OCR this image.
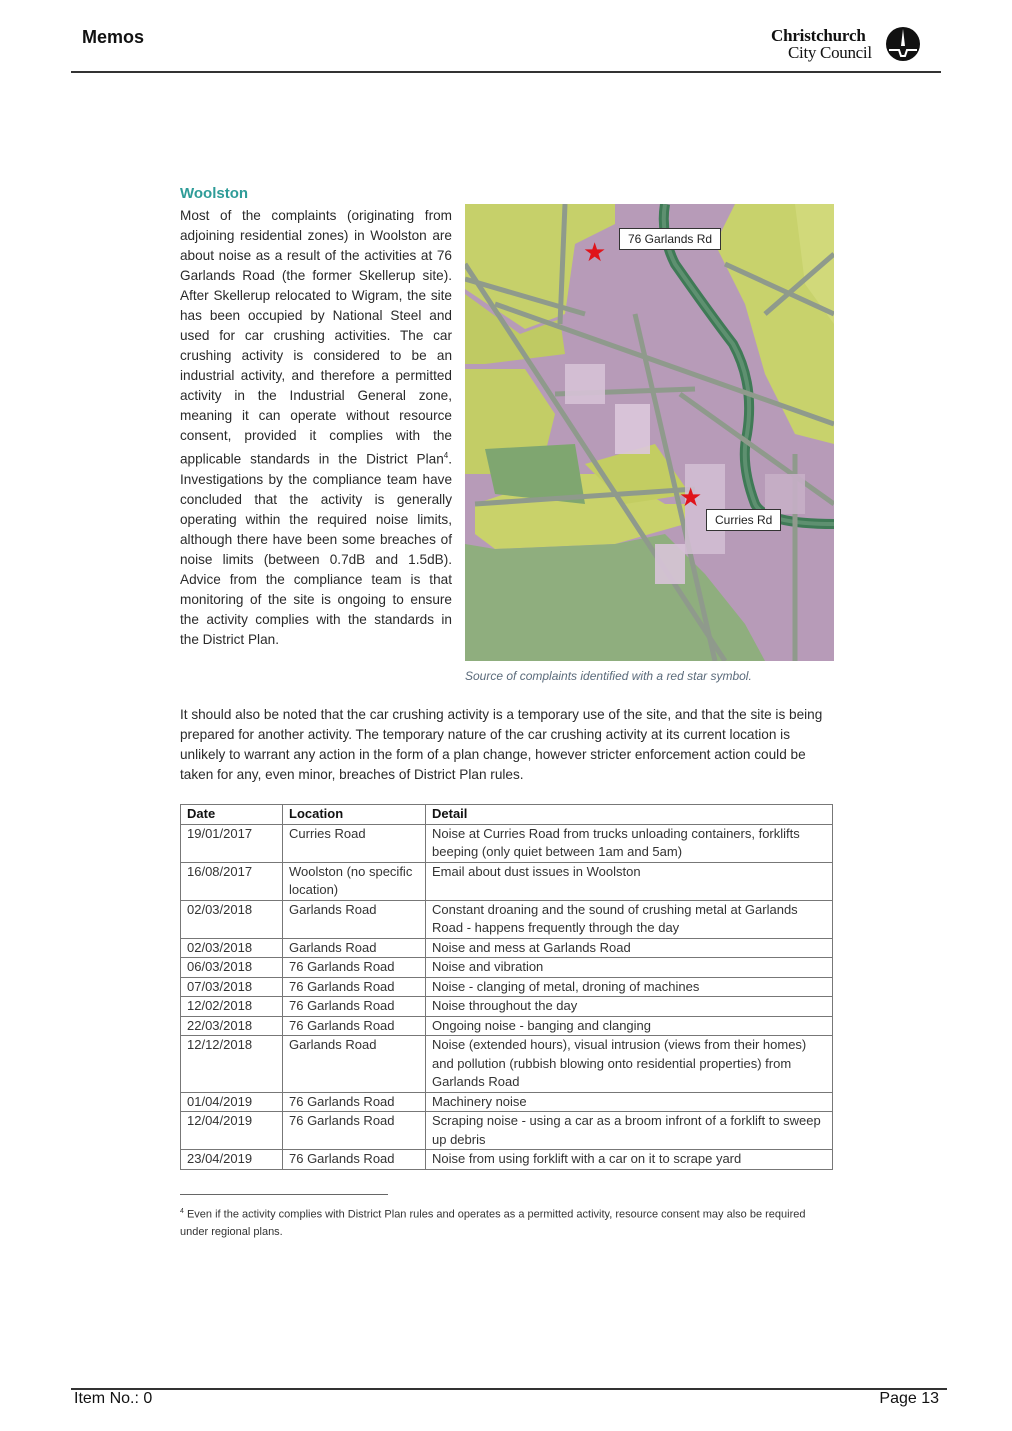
Memos	Christchurch
City Council
Woolston
Most of the complaints (originating from adjoining residential zones) in Woolston are about noise as a result of the activities at 76 Garlands Road (the former Skellerup site). After Skellerup relocated to Wigram, the site has been occupied by National Steel and used for car crushing activities. The car crushing activity is considered to be an industrial activity, and therefore a permitted activity in the Industrial General zone, meaning it can operate without resource consent, provided it complies with the applicable standards in the District Plan$^4$. Investigations by the compliance team have concluded that the activity is generally operating within the required noise limits, although there have been some breaches of noise limits (between 0.7dB and 1.5dB). Advice from the compliance team is that monitoring of the site is ongoing to ensure the activity complies with the standards in the District Plan.
★	76 Garlands Rd
★
Curries Rd
Source of complaints identified with a red star symbol.
It should also be noted that the car crushing activity is a temporary use of the site, and that the site is being prepared for another activity. The temporary nature of the car crushing activity at its current location is unlikely to warrant any action in the form of a plan change, however stricter enforcement action could be taken for any, even minor, breaches of District Plan rules.
Date	Location	Detail
19/01/2017	Curries Road	Noise at Curries Road from trucks unloading containers, forklifts beeping (only quiet between 1am and 5am)
16/08/2017	Woolston (no specific location)	Email about dust issues in Woolston
02/03/2018	Garlands Road	Constant droaning and the sound of crushing metal at Garlands Road - happens frequently through the day
02/03/2018	Garlands Road	Noise and mess at Garlands Road
06/03/2018	76 Garlands Road	Noise and vibration
07/03/2018	76 Garlands Road	Noise - clanging of metal, droning of machines
12/02/2018	76 Garlands Road	Noise throughout the day
22/03/2018	76 Garlands Road	Ongoing noise - banging and clanging
12/12/2018	Garlands Road	Noise (extended hours), visual intrusion (views from their homes) and pollution (rubbish blowing onto residential properties) from Garlands Road
01/04/2019	76 Garlands Road	Machinery noise
12/04/2019	76 Garlands Road	Scraping noise - using a car as a broom infront of a forklift to sweep up debris
23/04/2019	76 Garlands Road	Noise from using forklift with a car on it to scrape yard
$^4$ Even if the activity complies with District Plan rules and operates as a permitted activity, resource consent may also be required under regional plans.
Item No.: 0	Page 13
